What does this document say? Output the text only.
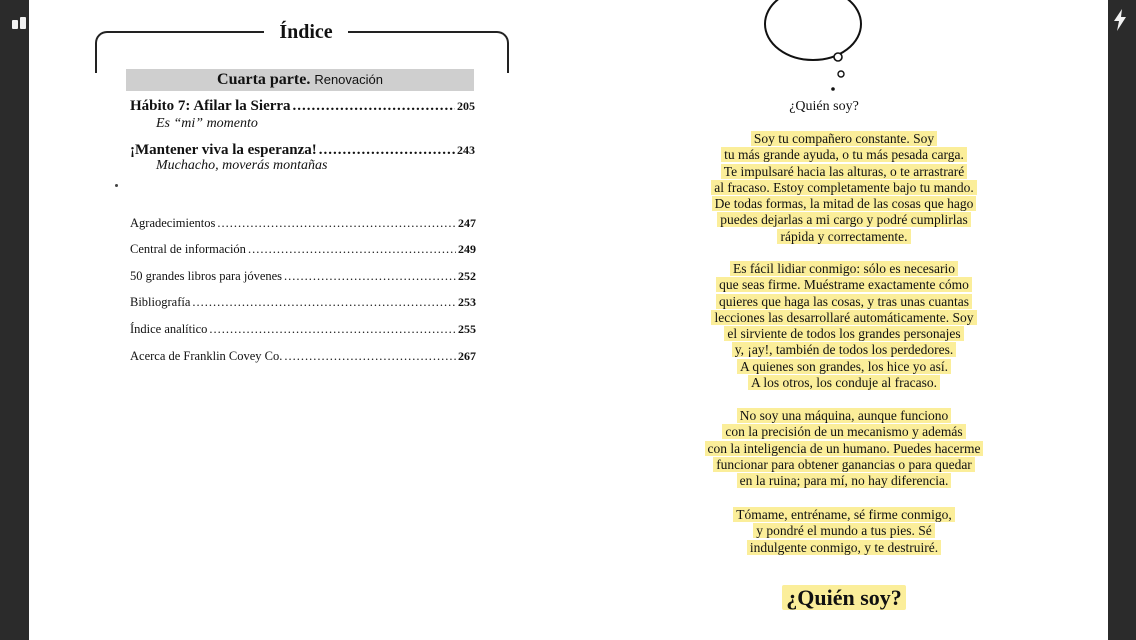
Índice
Cuarta parte. Renovación
Hábito 7: Afilar la Sierra .....	205
Es “mi” momento
¡Mantener viva la esperanza! .....	243
Muchacho, moverás montañas
Agradecimientos .....	247
Central de información .....	249
50 grandes libros para jóvenes .....	252
Bibliografía .....	253
Índice analítico .....	255
Acerca de Franklin Covey Co. .....	267
¿Quién soy?
Soy tu compañero constante. Soy
tu más grande ayuda, o tu más pesada carga.
Te impulsaré hacia las alturas, o te arrastraré
al fracaso. Estoy completamente bajo tu mando.
De todas formas, la mitad de las cosas que hago
puedes dejarlas a mi cargo y podré cumplirlas
rápida y correctamente.
Es fácil lidiar conmigo: sólo es necesario
que seas firme. Muéstrame exactamente cómo
quieres que haga las cosas, y tras unas cuantas
lecciones las desarrollaré automáticamente. Soy
el sirviente de todos los grandes personajes
y, ¡ay!, también de todos los perdedores.
A quienes son grandes, los hice yo así.
A los otros, los conduje al fracaso.
No soy una máquina, aunque funciono
con la precisión de un mecanismo y además
con la inteligencia de un humano. Puedes hacerme
funcionar para obtener ganancias o para quedar
en la ruina; para mí, no hay diferencia.
Tómame, entréname, sé firme conmigo,
y pondré el mundo a tus pies. Sé
indulgente conmigo, y te destruiré.
¿Quién soy?
